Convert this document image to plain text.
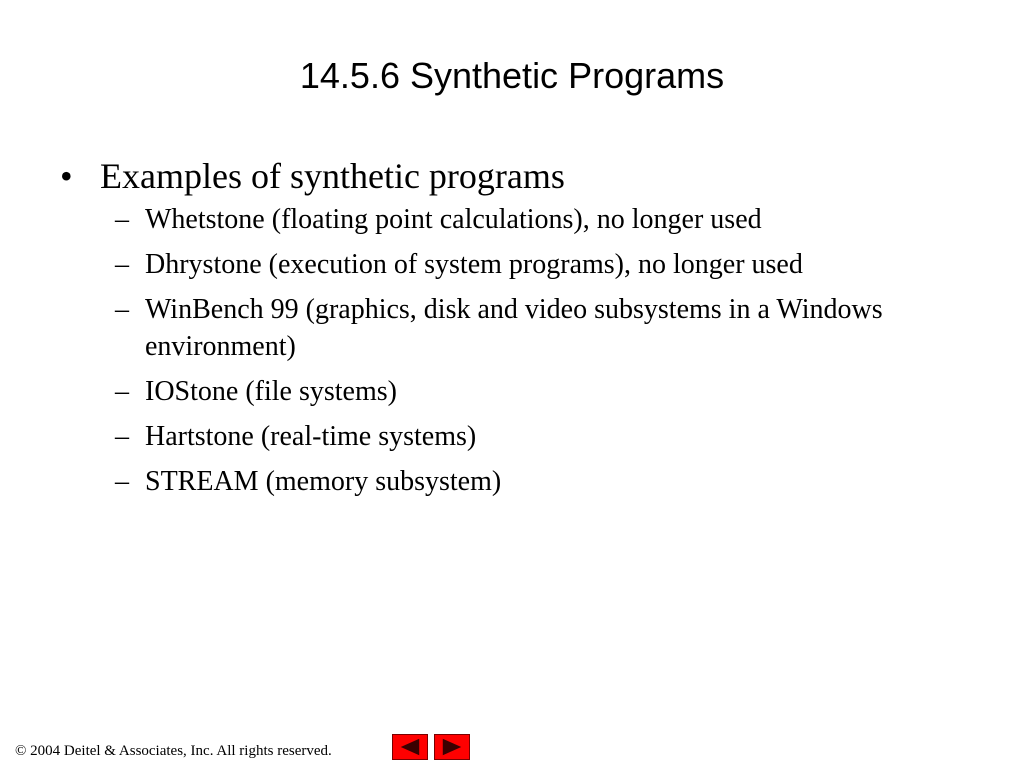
14.5.6 Synthetic Programs
• Examples of synthetic programs
– Whetstone (floating point calculations), no longer used
– Dhrystone (execution of system programs), no longer used
– WinBench 99 (graphics, disk and video subsystems in a Windows environment)
– IOStone (file systems)
– Hartstone (real-time systems)
– STREAM (memory subsystem)
© 2004 Deitel & Associates, Inc. All rights reserved.
